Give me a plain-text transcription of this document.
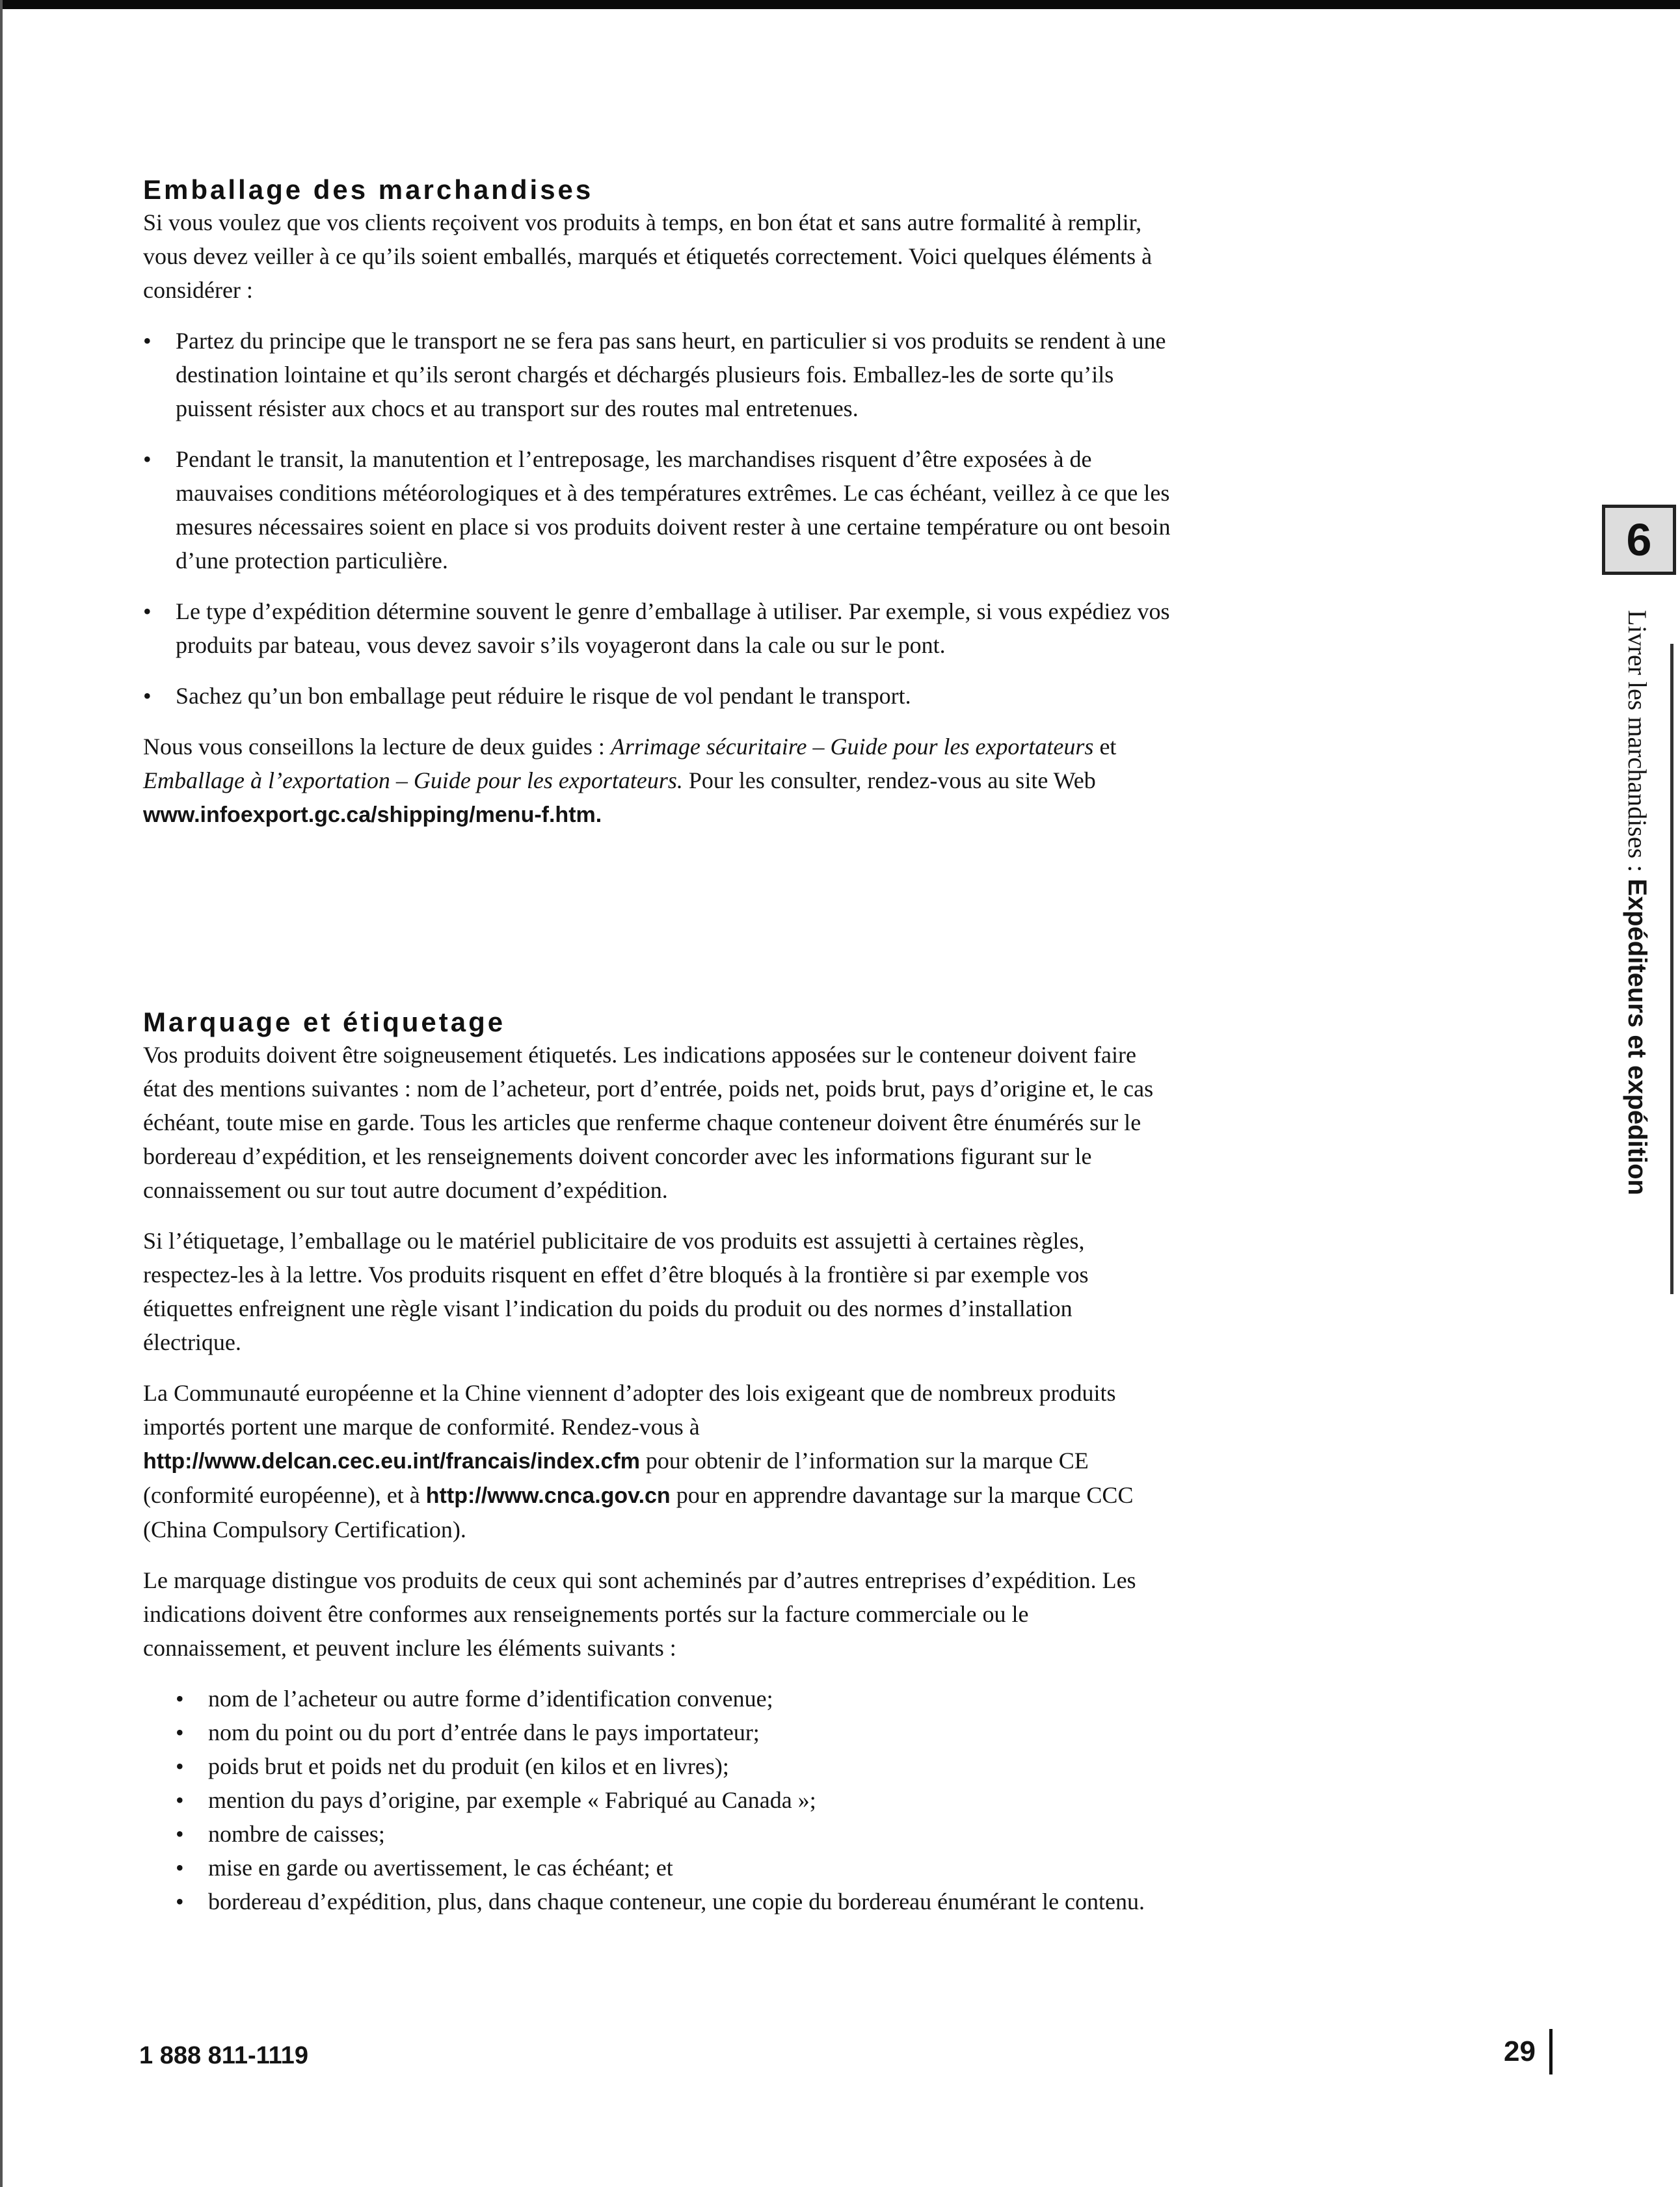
Emballage des marchandises

Si vous voulez que vos clients reçoivent vos produits à temps, en bon état et sans autre formalité à remplir, vous devez veiller à ce qu’ils soient emballés, marqués et étiquetés correctement. Voici quelques éléments à considérer :

• Partez du principe que le transport ne se fera pas sans heurt, en particulier si vos produits se rendent à une destination lointaine et qu’ils seront chargés et déchargés plusieurs fois. Emballez-les de sorte qu’ils puissent résister aux chocs et au transport sur des routes mal entretenues.
• Pendant le transit, la manutention et l’entreposage, les marchandises risquent d’être exposées à de mauvaises conditions météorologiques et à des températures extrêmes. Le cas échéant, veillez à ce que les mesures nécessaires soient en place si vos produits doivent rester à une certaine température ou ont besoin d’une protection particulière.
• Le type d’expédition détermine souvent le genre d’emballage à utiliser. Par exemple, si vous expédiez vos produits par bateau, vous devez savoir s’ils voyageront dans la cale ou sur le pont.
• Sachez qu’un bon emballage peut réduire le risque de vol pendant le transport.

Nous vous conseillons la lecture de deux guides : Arrimage sécuritaire – Guide pour les exportateurs et Emballage à l’exportation – Guide pour les exportateurs. Pour les consulter, rendez-vous au site Web www.infoexport.gc.ca/shipping/menu-f.htm.

Marquage et étiquetage

Vos produits doivent être soigneusement étiquetés. Les indications apposées sur le conteneur doivent faire état des mentions suivantes : nom de l’acheteur, port d’entrée, poids net, poids brut, pays d’origine et, le cas échéant, toute mise en garde. Tous les articles que renferme chaque conteneur doivent être énumérés sur le bordereau d’expédition, et les renseignements doivent concorder avec les informations figurant sur le connaissement ou sur tout autre document d’expédition.

Si l’étiquetage, l’emballage ou le matériel publicitaire de vos produits est assujetti à certaines règles, respectez-les à la lettre. Vos produits risquent en effet d’être bloqués à la frontière si par exemple vos étiquettes enfreignent une règle visant l’indication du poids du produit ou des normes d’installation électrique.

La Communauté européenne et la Chine viennent d’adopter des lois exigeant que de nombreux produits importés portent une marque de conformité. Rendez-vous à http://www.delcan.cec.eu.int/francais/index.cfm pour obtenir de l’information sur la marque CE (conformité européenne), et à http://www.cnca.gov.cn pour en apprendre davantage sur la marque CCC (China Compulsory Certification).

Le marquage distingue vos produits de ceux qui sont acheminés par d’autres entreprises d’expédition. Les indications doivent être conformes aux renseignements portés sur la facture commerciale ou le connaissement, et peuvent inclure les éléments suivants :

• nom de l’acheteur ou autre forme d’identification convenue;
• nom du point ou du port d’entrée dans le pays importateur;
• poids brut et poids net du produit (en kilos et en livres);
• mention du pays d’origine, par exemple « Fabriqué au Canada »;
• nombre de caisses;
• mise en garde ou avertissement, le cas échéant; et
• bordereau d’expédition, plus, dans chaque conteneur, une copie du bordereau énumérant le contenu.
6
Livrer les marchandises : Expéditeurs et expédition
1 888 811-1119	29
